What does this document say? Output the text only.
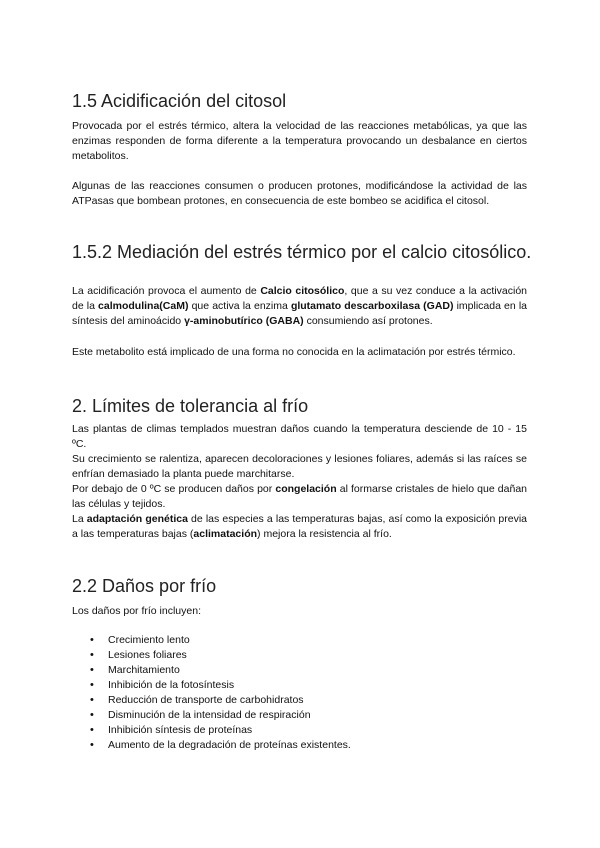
1.5 Acidificación del citosol

Provocada por el estrés térmico, altera la velocidad de las reacciones metabólicas, ya que las enzimas responden de forma diferente a la temperatura provocando un desbalance en ciertos metabolitos.

Algunas de las reacciones consumen o producen protones, modificándose la actividad de las ATPasas que bombean protones, en consecuencia de este bombeo se acidifica el citosol.

1.5.2 Mediación del estrés térmico por el calcio citosólico.

La acidificación provoca el aumento de Calcio citosólico, que a su vez conduce a la activación de la calmodulina(CaM) que activa la enzima glutamato descarboxilasa (GAD) implicada en la síntesis del aminoácido γ-aminobutírico (GABA) consumiendo así protones.

Este metabolito está implicado de una forma no conocida en la aclimatación por estrés térmico.

2. Límites de tolerancia al frío

Las plantas de climas templados muestran daños cuando la temperatura desciende de 10 - 15 ºC.

Su crecimiento se ralentiza, aparecen decoloraciones y lesiones foliares, además si las raíces se enfrían demasiado la planta puede marchitarse.

Por debajo de 0 ºC se producen daños por congelación al formarse cristales de hielo que dañan las células y tejidos.

La adaptación genética de las especies a las temperaturas bajas, así como la exposición previa a las temperaturas bajas (aclimatación) mejora la resistencia al frío.

2.2 Daños por frío

Los daños por frío incluyen:

• Crecimiento lento
• Lesiones foliares
• Marchitamiento
• Inhibición de la fotosíntesis
• Reducción de transporte de carbohidratos
• Disminución de la intensidad de respiración
• Inhibición síntesis de proteínas
• Aumento de la degradación de proteínas existentes.
